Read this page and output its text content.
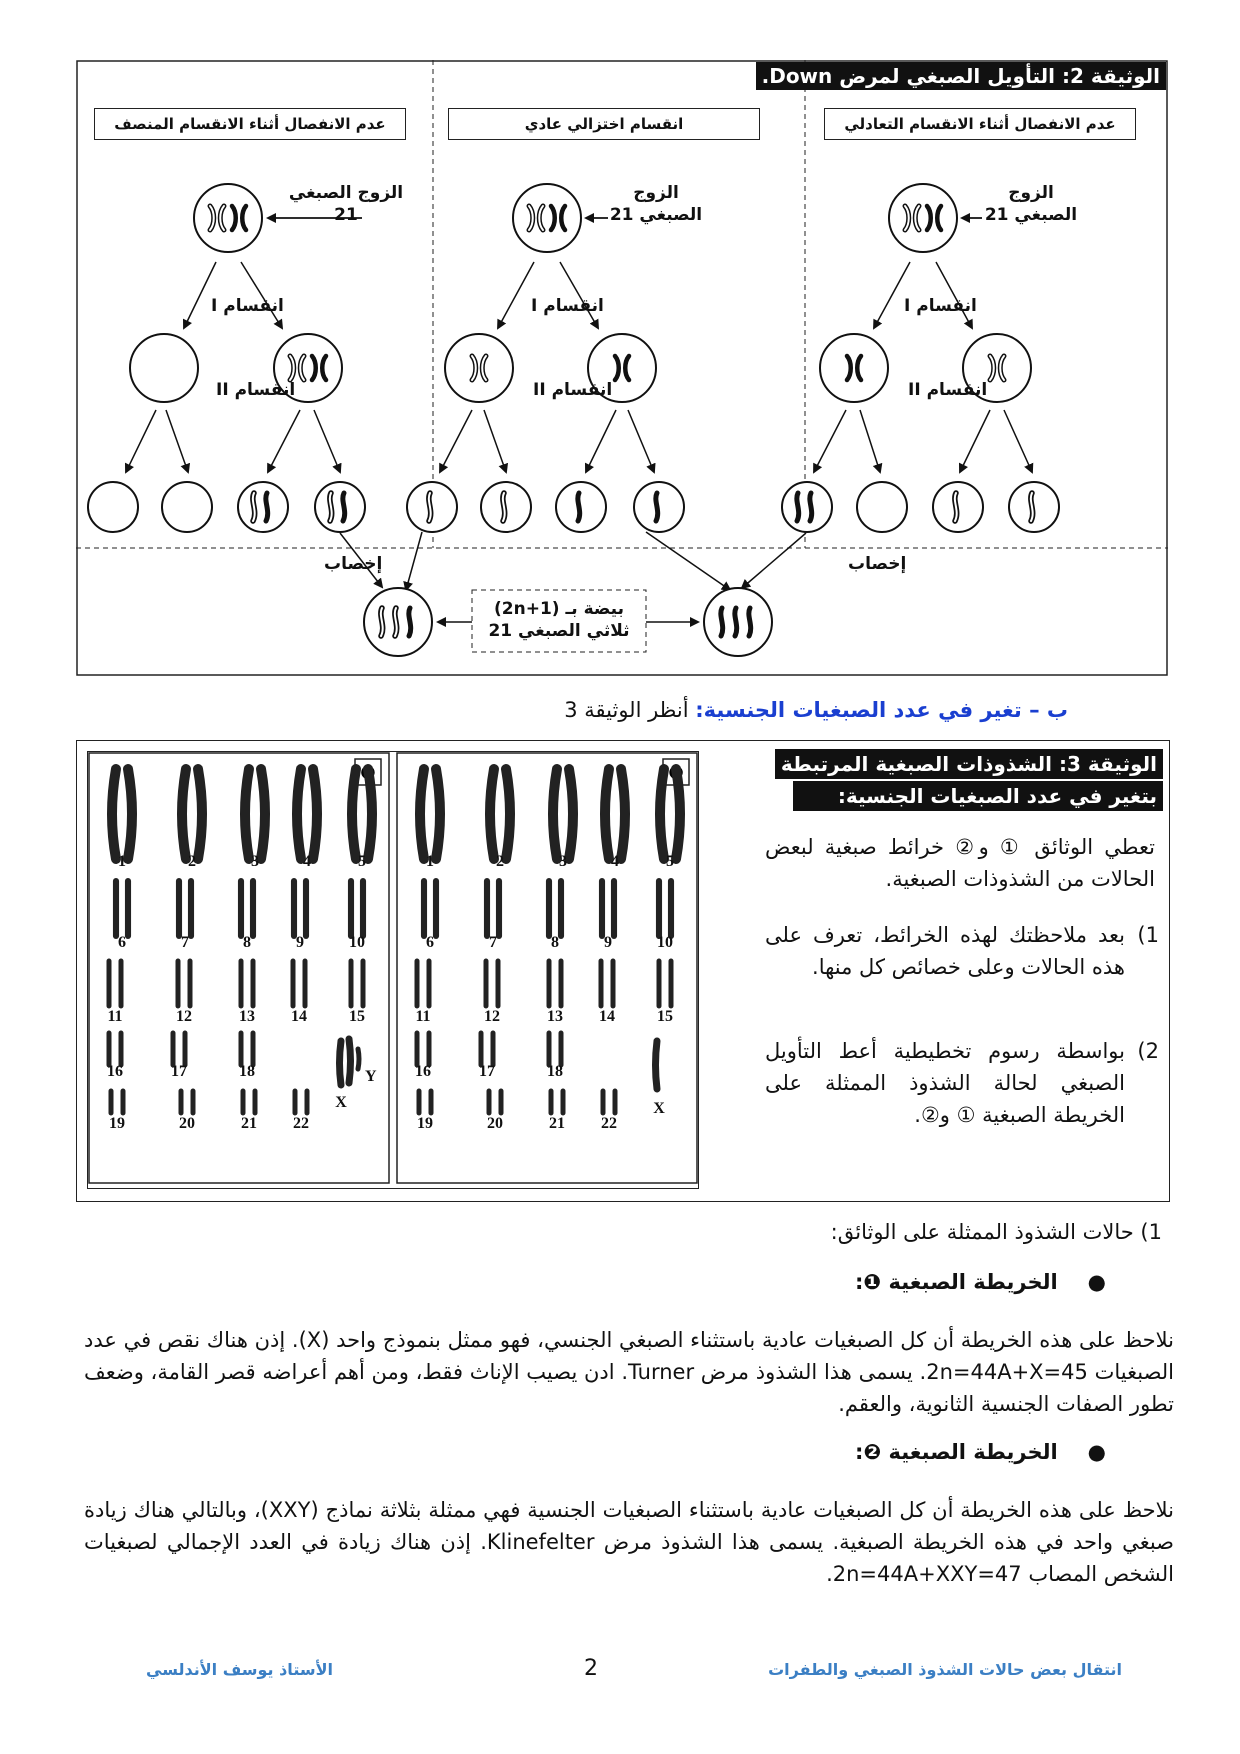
الوثيقة 2: التأويل الصبغي لمرض Down.
عدم الانفصال أثناء الانقسام المنصف	انقسام اختزالي عادي	عدم الانفصال أثناء الانقسام التعادلي
الزوج الصبغي
21
الزوج
الصبغي 21
الزوج
الصبغي 21
انقسام I	انقسام I	انقسام I
انقسام II	انقسام II	انقسام II
إخصاب	إخصاب
بيضة بـ (2n+1)
ثلاثي الصبغي 21
ب – تغير في عدد الصبغيات الجنسية: أنظر الوثيقة 3
❷
1	2	3	4	5
6	7	8	9	10
11	12	13 14	15
16	17	18
19	20	21 22
Y
X
❶
1	2	3	4	5
6	7	8	9	10
11	12	13 14	15
16	17	18
19	20	21 22
X
الوثيقة 3: الشذوذات الصبغية المرتبطة
بتغير في عدد الصبغيات الجنسية:
تعطي الوثائق ① و② خرائط صبغية لبعض الحالات من الشذوذات الصبغية.
1)
بعد ملاحظتك لهذه الخرائط، تعرف على هذه الحالات وعلى خصائص كل منها.
2)
بواسطة رسوم تخطيطية أعط التأويل الصبغي لحالة الشذوذ الممثلة على الخريطة الصبغية ① و②.
1) حالات الشذوذ الممثلة على الوثائق:
●الخريطة الصبغية ❶:
نلاحظ على هذه الخريطة أن كل الصبغيات عادية باستثناء الصبغي الجنسي، فهو ممثل بنموذج واحد (X). إذن هناك نقص في عدد الصبغيات 2n=44A+X=45. يسمى هذا الشذوذ مرض Turner. ادن يصيب الإناث فقط، ومن أهم أعراضه قصر القامة، وضعف تطور الصفات الجنسية الثانوية، والعقم.
●الخريطة الصبغية ❷:
نلاحظ على هذه الخريطة أن كل الصبغيات عادية باستثناء الصبغيات الجنسية فهي ممثلة بثلاثة نماذج (XXY)، وبالتالي هناك زيادة صبغي واحد في هذه الخريطة الصبغية. يسمى هذا الشذوذ مرض Klinefelter. إذن هناك زيادة في العدد الإجمالي لصبغيات الشخص المصاب 2n=44A+XXY=47.
انتقال بعض حالات الشذوذ الصبغي والطفرات
2
الأستاذ يوسف الأندلسي
